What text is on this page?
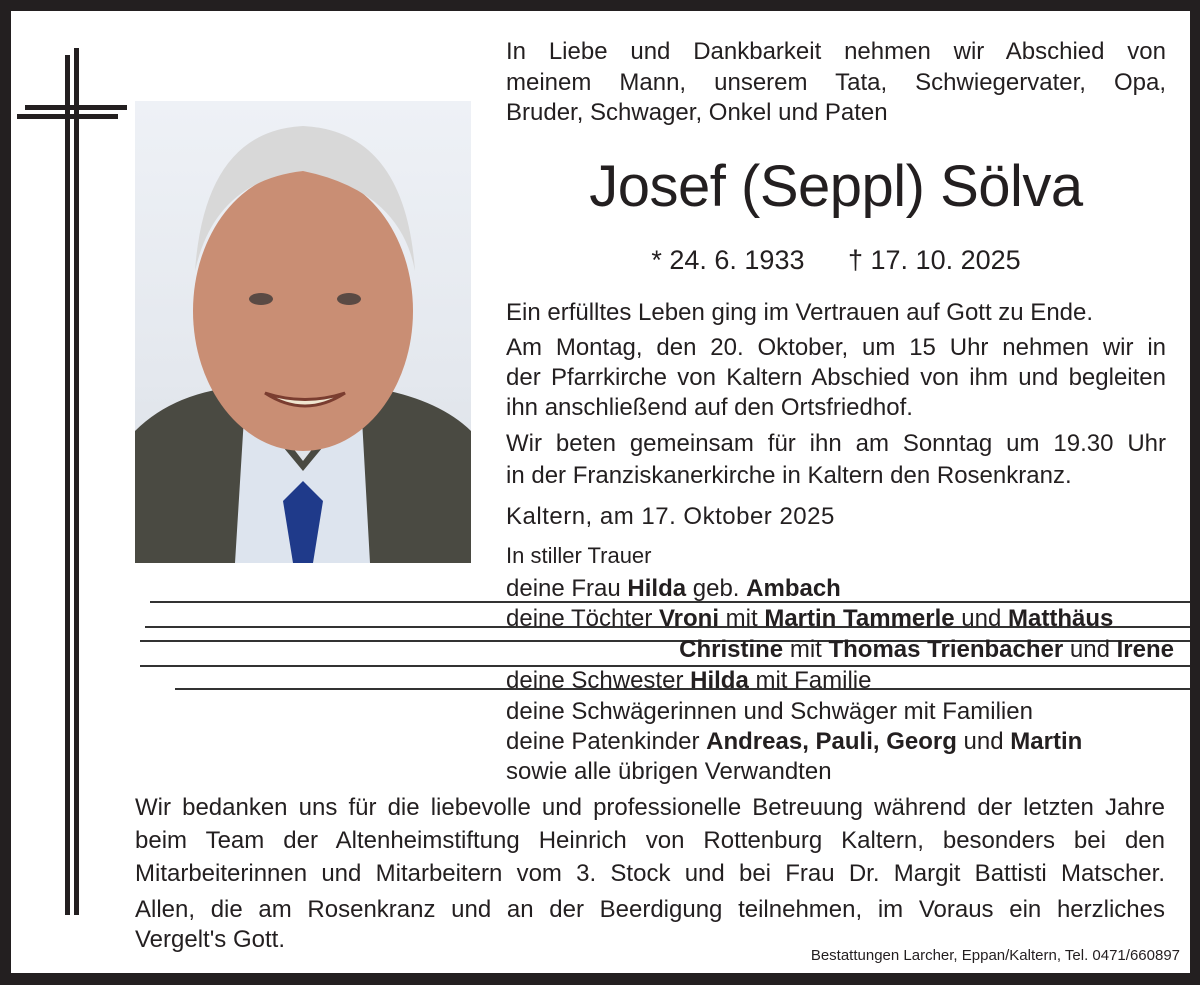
In Liebe und Dankbarkeit nehmen wir Abschied von
meinem Mann, unserem Tata, Schwiegervater, Opa,
Bruder, Schwager, Onkel und Paten
Josef (Seppl) Sölva
* 24. 6. 1933 † 17. 10. 2025
Ein erfülltes Leben ging im Vertrauen auf Gott zu Ende.
Am Montag, den 20. Oktober, um 15 Uhr nehmen wir in
der Pfarrkirche von Kaltern Abschied von ihm und begleiten
ihn anschließend auf den Ortsfriedhof.
Wir beten gemeinsam für ihn am Sonntag um 19.30 Uhr
in der Franziskanerkirche in Kaltern den Rosenkranz.
Kaltern, am 17. Oktober 2025
In stiller Trauer
deine Frau Hilda geb. Ambach
deine Töchter Vroni mit Martin Tammerle und Matthäus
Christine mit Thomas Trienbacher und Irene
deine Schwester Hilda mit Familie
deine Schwägerinnen und Schwäger mit Familien
deine Patenkinder Andreas, Pauli, Georg und Martin
sowie alle übrigen Verwandten
Wir bedanken uns für die liebevolle und professionelle Betreuung während der letzten Jahre
beim Team der Altenheimstiftung Heinrich von Rottenburg Kaltern, besonders bei den
Mitarbeiterinnen und Mitarbeitern vom 3. Stock und bei Frau Dr. Margit Battisti Matscher.
Allen, die am Rosenkranz und an der Beerdigung teilnehmen, im Voraus ein herzliches
Vergelt's Gott.
Bestattungen Larcher, Eppan/Kaltern, Tel. 0471/660897
